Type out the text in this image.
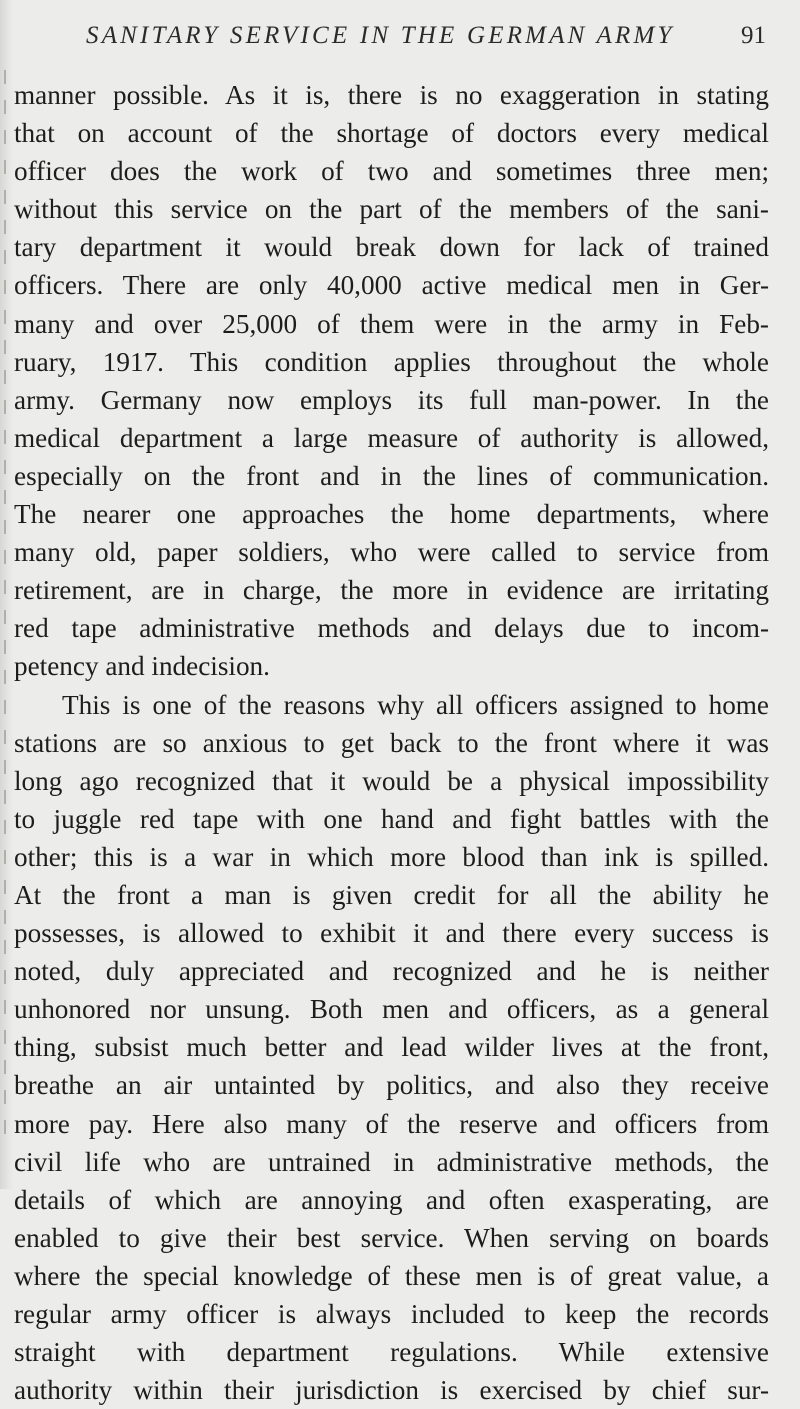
SANITARY SERVICE IN THE GERMAN ARMY	91
manner possible. As it is, there is no exaggeration in stating
that on account of the shortage of doctors every medical
officer does the work of two and sometimes three men;
without this service on the part of the members of the sani-
tary department it would break down for lack of trained
officers. There are only 40,000 active medical men in Ger-
many and over 25,000 of them were in the army in Feb-
ruary, 1917. This condition applies throughout the whole
army. Germany now employs its full man-power. In the
medical department a large measure of authority is allowed,
especially on the front and in the lines of communication.
The nearer one approaches the home departments, where
many old, paper soldiers, who were called to service from
retirement, are in charge, the more in evidence are irritating
red tape administrative methods and delays due to incom-
petency and indecision.
This is one of the reasons why all officers assigned to home
stations are so anxious to get back to the front where it was
long ago recognized that it would be a physical impossibility
to juggle red tape with one hand and fight battles with the
other; this is a war in which more blood than ink is spilled.
At the front a man is given credit for all the ability he
possesses, is allowed to exhibit it and there every success is
noted, duly appreciated and recognized and he is neither
unhonored nor unsung. Both men and officers, as a general
thing, subsist much better and lead wilder lives at the front,
breathe an air untainted by politics, and also they receive
more pay. Here also many of the reserve and officers from
civil life who are untrained in administrative methods, the
details of which are annoying and often exasperating, are
enabled to give their best service. When serving on boards
where the special knowledge of these men is of great value, a
regular army officer is always included to keep the records
straight with department regulations. While extensive
authority within their jurisdiction is exercised by chief sur-
